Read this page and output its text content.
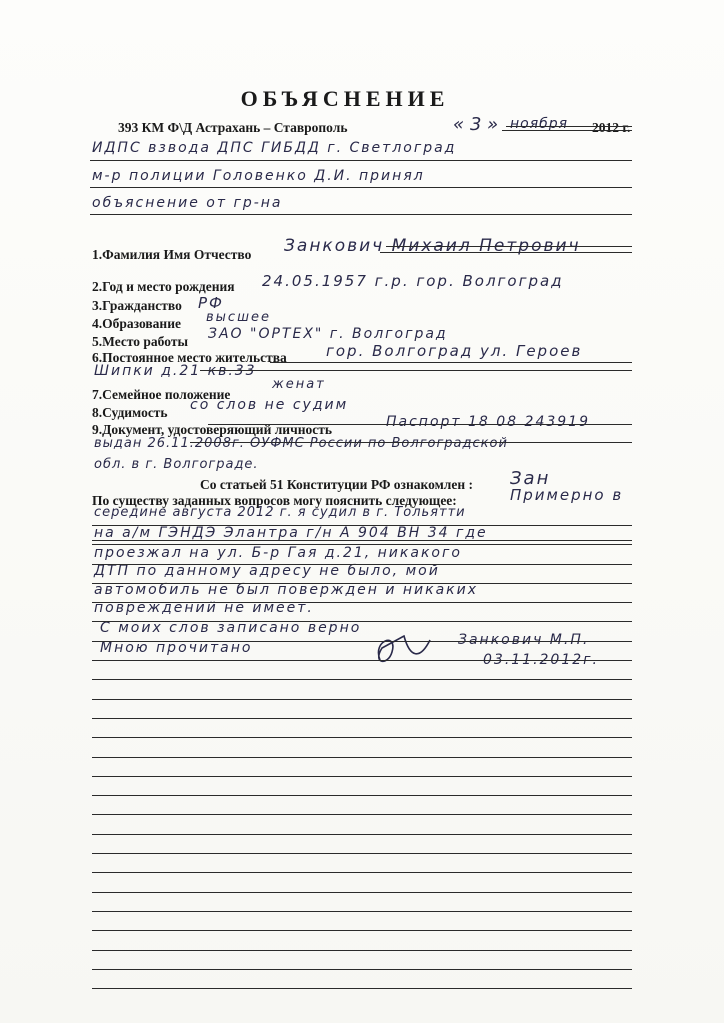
ОБЪЯСНЕНИЕ
393 КМ Ф\Д Астрахань – Ставрополь	« 3 » ноября 2012 г.
ИДПС взвода ДПС ГИБДД г. Светлоград
м-р полиции Головенко Д.И. принял
объяснение от гр-на
1.Фамилия Имя Отчество Занкович Михаил Петрович
2.Год и место рождения 24.05.1957 г.р. гор. Волгоград
3.Гражданство РФ
4.Образование высшее
5.Место работы ЗАО "ОРТЕХ" г. Волгоград
6.Постоянное место жительства	гор. Волгоград ул. Героев
Шипки д.21 кв.33
7.Семейное положение
женат
8.Судимость со слов не судим
9.Документ, удостоверяющий личность	Паспорт 18 08 243919
выдан 26.11.2008г. ОУФМС России по Волгоградской
обл. в г. Волгограде.
Со статьей 51 Конституции РФ ознакомлен : Зан
По существу заданных вопросов могу пояснить следующее:	Примерно в
середине августа 2012 г. я судил в г. Тольятти
на а/м ГЭНДЭ Элантра г/н А 904 ВН 34 где
проезжал на ул. Б-р Гая д.21, никакого
ДТП по данному адресу не было, мой
автомобиль не был повержден и никаких
повреждений не имеет.
С моих слов записано верно
Мною прочитано	Занкович М.П.
03.11.2012г.
